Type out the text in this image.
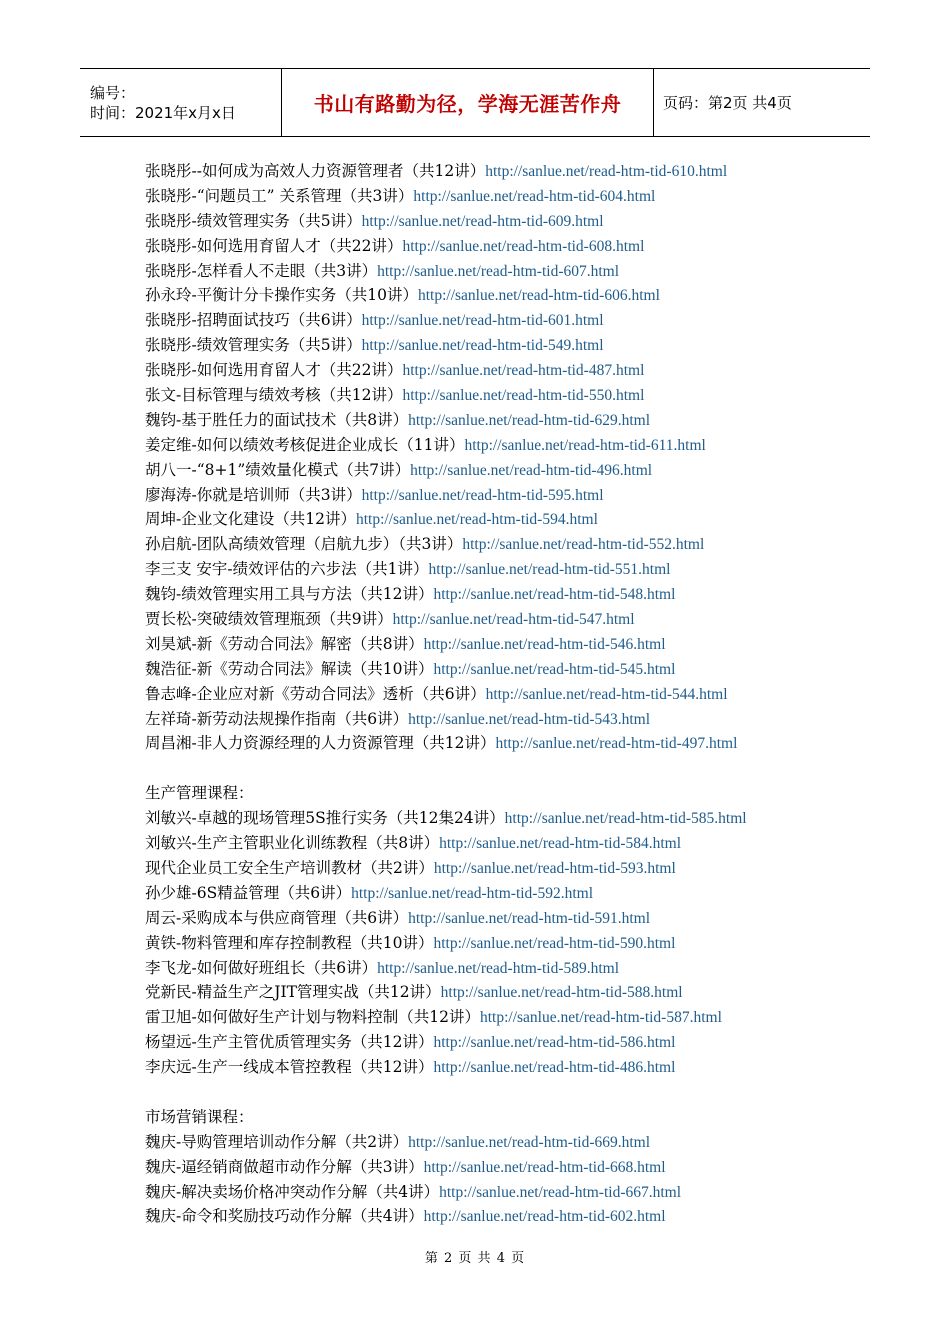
编号：
时间：2021年x月x日	书山有路勤为径，学海无涯苦作舟	页码：第2页 共4页
张晓彤--如何成为高效人力资源管理者（共12讲）http://sanlue.net/read-htm-tid-610.html
张晓彤-“问题员工” 关系管理（共3讲）http://sanlue.net/read-htm-tid-604.html
张晓彤-绩效管理实务（共5讲）http://sanlue.net/read-htm-tid-609.html
张晓彤-如何选用育留人才（共22讲）http://sanlue.net/read-htm-tid-608.html
张晓彤-怎样看人不走眼（共3讲）http://sanlue.net/read-htm-tid-607.html
孙永玲-平衡计分卡操作实务（共10讲）http://sanlue.net/read-htm-tid-606.html
张晓彤-招聘面试技巧（共6讲）http://sanlue.net/read-htm-tid-601.html
张晓彤-绩效管理实务（共5讲）http://sanlue.net/read-htm-tid-549.html
张晓彤-如何选用育留人才（共22讲）http://sanlue.net/read-htm-tid-487.html
张文-目标管理与绩效考核（共12讲）http://sanlue.net/read-htm-tid-550.html
魏钧-基于胜任力的面试技术（共8讲）http://sanlue.net/read-htm-tid-629.html
姜定维-如何以绩效考核促进企业成长（11讲）http://sanlue.net/read-htm-tid-611.html
胡八一-“8+1”绩效量化模式（共7讲）http://sanlue.net/read-htm-tid-496.html
廖海涛-你就是培训师（共3讲）http://sanlue.net/read-htm-tid-595.html
周坤-企业文化建设（共12讲）http://sanlue.net/read-htm-tid-594.html
孙启航-团队高绩效管理（启航九步）（共3讲）http://sanlue.net/read-htm-tid-552.html
李三支 安宇-绩效评估的六步法（共1讲）http://sanlue.net/read-htm-tid-551.html
魏钧-绩效管理实用工具与方法（共12讲）http://sanlue.net/read-htm-tid-548.html
贾长松-突破绩效管理瓶颈（共9讲）http://sanlue.net/read-htm-tid-547.html
刘昊斌-新《劳动合同法》解密（共8讲）http://sanlue.net/read-htm-tid-546.html
魏浩征-新《劳动合同法》解读（共10讲）http://sanlue.net/read-htm-tid-545.html
鲁志峰-企业应对新《劳动合同法》透析（共6讲）http://sanlue.net/read-htm-tid-544.html
左祥琦-新劳动法规操作指南（共6讲）http://sanlue.net/read-htm-tid-543.html
周昌湘-非人力资源经理的人力资源管理（共12讲）http://sanlue.net/read-htm-tid-497.html
生产管理课程：
刘敏兴-卓越的现场管理5S推行实务（共12集24讲）http://sanlue.net/read-htm-tid-585.html
刘敏兴-生产主管职业化训练教程（共8讲）http://sanlue.net/read-htm-tid-584.html
现代企业员工安全生产培训教材（共2讲）http://sanlue.net/read-htm-tid-593.html
孙少雄-6S精益管理（共6讲）http://sanlue.net/read-htm-tid-592.html
周云-采购成本与供应商管理（共6讲）http://sanlue.net/read-htm-tid-591.html
黄铁-物料管理和库存控制教程（共10讲）http://sanlue.net/read-htm-tid-590.html
李飞龙-如何做好班组长（共6讲）http://sanlue.net/read-htm-tid-589.html
党新民-精益生产之JIT管理实战（共12讲）http://sanlue.net/read-htm-tid-588.html
雷卫旭-如何做好生产计划与物料控制（共12讲）http://sanlue.net/read-htm-tid-587.html
杨望远-生产主管优质管理实务（共12讲）http://sanlue.net/read-htm-tid-586.html
李庆远-生产一线成本管控教程（共12讲）http://sanlue.net/read-htm-tid-486.html
市场营销课程：
魏庆-导购管理培训动作分解（共2讲）http://sanlue.net/read-htm-tid-669.html
魏庆-逼经销商做超市动作分解（共3讲）http://sanlue.net/read-htm-tid-668.html
魏庆-解决卖场价格冲突动作分解（共4讲）http://sanlue.net/read-htm-tid-667.html
魏庆-命令和奖励技巧动作分解（共4讲）http://sanlue.net/read-htm-tid-602.html
第 2 页 共 4 页
